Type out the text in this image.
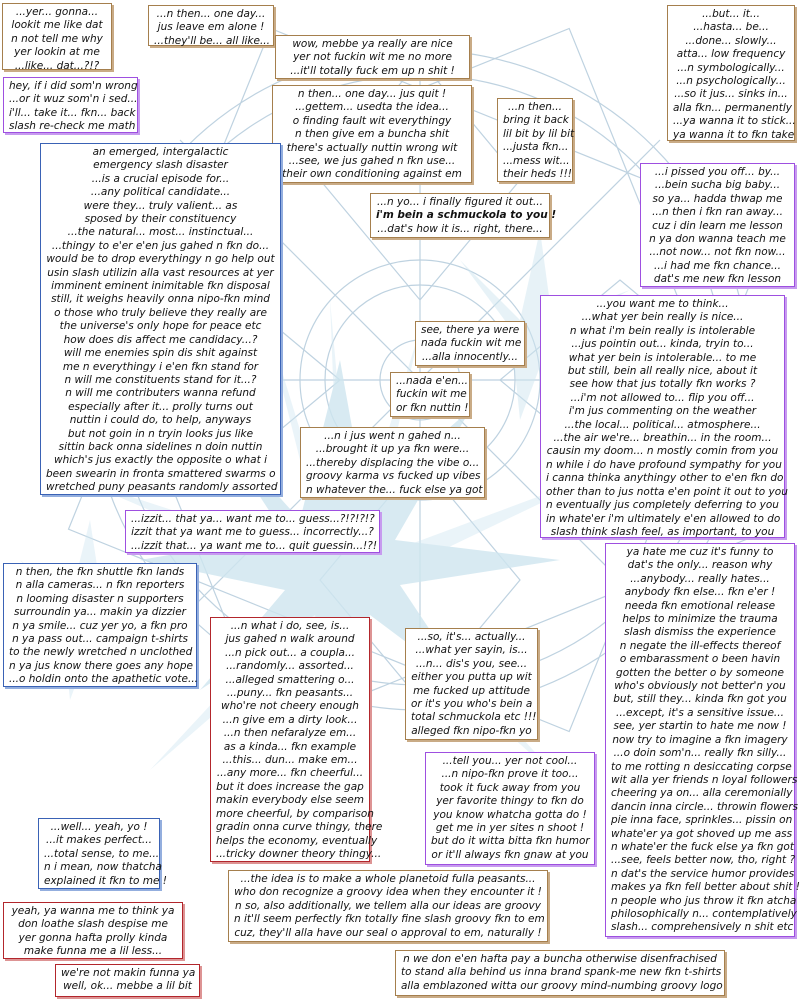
...yer... gonna...
lookit me like dat
n not tell me why
yer lookin at me
...like... dat...?!?
...n then... one day...
jus leave em alone !
...they'll be... all like...	wow, mebbe ya really are nice
yer not fuckin wit me no more
...it'll totally fuck em up n shit !
...but... it...
...hasta... be...
...done... slowly...
atta... low frequency
...n symbologically...
...n psychologically...
...so it jus... sinks in...
alla fkn... permanently
...ya wanna it to stick...
ya wanna it to fkn take
hey, if i did som'n wrong
...or it wuz som'n i sed...
i'll... take it... fkn... back
slash re-check me math
n then... one day... jus quit !
...gettem... usedta the idea...
o finding fault wit everythingy
n then give em a buncha shit
there's actually nuttin wrong wit
...see, we jus gahed n fkn use...
their own conditioning against em
...n then...
bring it back
lil bit by lil bit
...justa fkn...
...mess wit...
their heds !!!
an emerged, intergalactic
emergency slash disaster
...is a crucial episode for...
...any political candidate...
were they... truly valient... as
sposed by their constituency
...the natural... most... instinctual...
...thingy to e'er e'en jus gahed n fkn do...
would be to drop everythingy n go help out
usin slash utilizin alla vast resources at yer
imminent eminent inimitable fkn disposal
still, it weighs heavily onna nipo-fkn mind
o those who truly believe they really are
the universe's only hope for peace etc
how does dis affect me candidacy...?
will me enemies spin dis shit against
me n everythingy i e'en fkn stand for
n will me constituents stand for it...?
n will me contributers wanna refund
especially after it... prolly turns out
nuttin i could do, to help, anyways
but not goin in n tryin looks jus like
sittin back onna sidelines n doin nuttin
which's jus exactly the opposite o what i
been swearin in fronta smattered swarms o
wretched puny peasants randomly assorted
...n yo... i finally figured it out...
i'm bein a schmuckola to you !
...dat's how it is... right, there...
...i pissed you off... by...
...bein sucha big baby...
so ya... hadda thwap me
...n then i fkn ran away...
cuz i din learn me lesson
n ya don wanna teach me
...not now... not fkn now...
...i had me fkn chance...
dat's me new fkn lesson
...you want me to think...
...what yer bein really is nice...
n what i'm bein really is intolerable
...jus pointin out... kinda, tryin to...
what yer bein is intolerable... to me
but still, bein all really nice, about it
see how that jus totally fkn works ?
...i'm not allowed to... flip you off...
i'm jus commenting on the weather
...the local... political... atmosphere...
...the air we're... breathin... in the room...
causin my doom... n mostly comin from you
n while i do have profound sympathy for you
i canna thinka anythingy other to e'en fkn do
other than to jus notta e'en point it out to you
n eventually jus completely deferring to you
in whate'er i'm ultimately e'en allowed to do
slash think slash feel, as important, to you
see, there ya were
nada fuckin wit me
...alla innocently...
...nada e'en...
fuckin wit me
or fkn nuttin !
...n i jus went n gahed n...
...brought it up ya fkn were...
...thereby displacing the vibe o...
groovy karma vs fucked up vibes
n whatever the... fuck else ya got
...izzit... that ya... want me to... guess...?!?!?!?
izzit that ya want me to guess... incorrectly...?
...izzit that... ya want me to... quit guessin...!?!
ya hate me cuz it's funny to
dat's the only... reason why
...anybody... really hates...
anybody fkn else... fkn e'er !
needa fkn emotional release
helps to minimize the trauma
slash dismiss the experience
n negate the ill-effects thereof
o embarassment o been havin
gotten the better o by someone
who's obviously not better'n you
but, still they... kinda fkn got you
...except, it's a sensitive issue...
see, yer startin to hate me now !
now try to imagine a fkn imagery
...o doin som'n... really fkn silly...
to me rotting n desiccating corpse
wit alla yer friends n loyal followers
cheering ya on... alla ceremonially
dancin inna circle... throwin flowers
pie inna face, sprinkles... pissin on
whate'er ya got shoved up me ass
n whate'er the fuck else ya fkn got
...see, feels better now, tho, right ?
n dat's the service humor provides
makes ya fkn fell better about shit !
n people who jus throw it fkn atcha
philosophically n... contemplatively
slash... comprehensively n shit etc
n then, the fkn shuttle fkn lands
n alla cameras... n fkn reporters
n looming disaster n supporters
surroundin ya... makin ya dizzier
n ya smile... cuz yer yo, a fkn pro
n ya pass out... campaign t-shirts
to the newly wretched n unclothed
n ya jus know there goes any hope
...o holdin onto the apathetic vote...
...n what i do, see, is...
jus gahed n walk around
...n pick out... a coupla...
...randomly... assorted...
...alleged smattering o...
...puny... fkn peasants...
who're not cheery enough
...n give em a dirty look...
...n then nefaralyze em...
as a kinda... fkn example
...this... dun... make em...
...any more... fkn cheerful...
but it does increase the gap
makin everybody else seem
more cheerful, by comparison
gradin onna curve thingy, there
helps the economy, eventually
...tricky downer theory thingy...
...so, it's... actually...
...what yer sayin, is...
...n... dis's you, see...
either you putta up wit
me fucked up attitude
or it's you who's bein a
total schmuckola etc !!!
alleged fkn nipo-fkn yo
...tell you... yer not cool...
...n nipo-fkn prove it too...
took it fuck away from you
yer favorite thingy to fkn do
you know whatcha gotta do !
get me in yer sites n shoot !
but do it witta bitta fkn humor
or it'll always fkn gnaw at you
...well... yeah, yo !
...it makes perfect...
...total sense, to me...
n i mean, now thatcha
explained it fkn to me !	...the idea is to make a whole planetoid fulla peasants...
who don recognize a groovy idea when they encounter it !
n so, also additionally, we tellem alla our ideas are groovy
n it'll seem perfectly fkn totally fine slash groovy fkn to em
cuz, they'll alla have our seal o approval to em, naturally !
yeah, ya wanna me to think ya
don loathe slash despise me
yer gonna hafta prolly kinda
make funna me a lil less...
we're not makin funna ya
well, ok... mebbe a lil bit
n we don e'en hafta pay a buncha otherwise disenfrachised
to stand alla behind us inna brand spank-me new fkn t-shirts
alla emblazoned witta our groovy mind-numbing groovy logo
